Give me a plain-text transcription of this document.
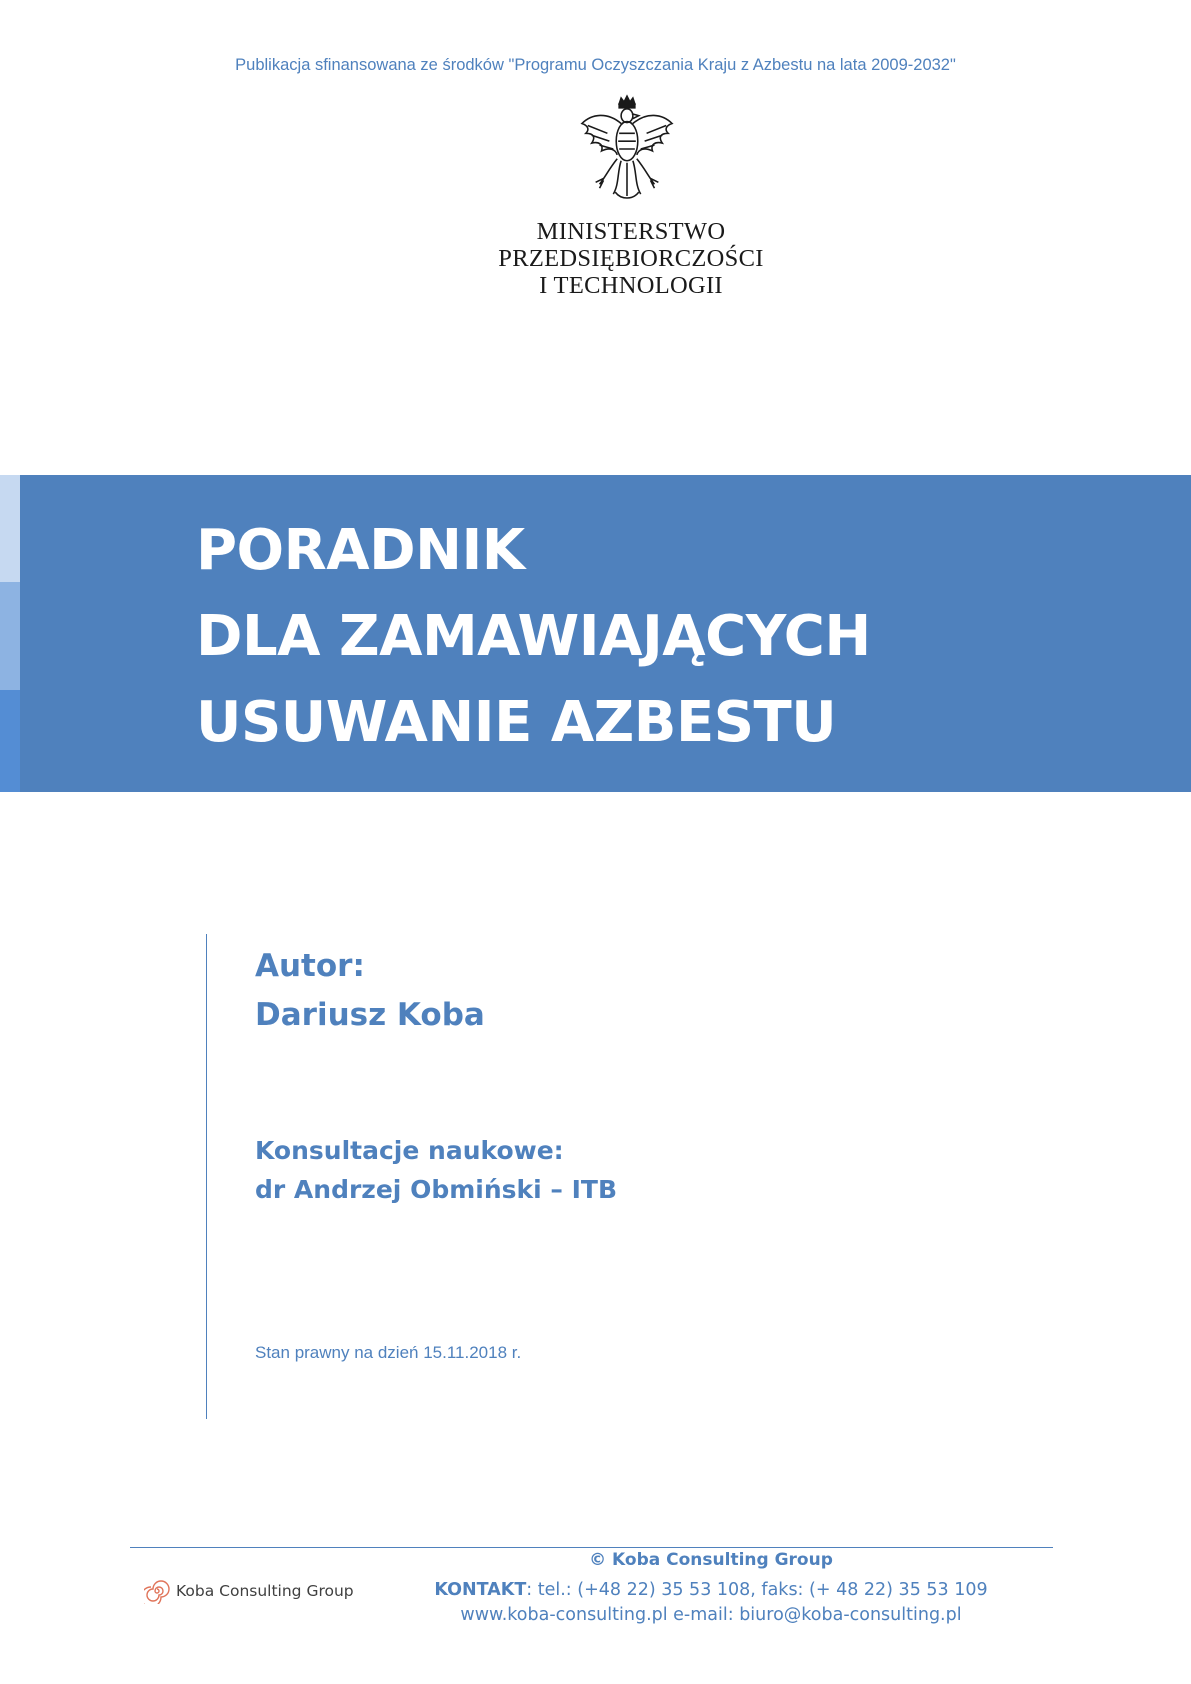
Publikacja sfinansowana ze środków "Programu Oczyszczania Kraju z Azbestu na lata 2009-2032"
MINISTERSTWO
PRZEDSIĘBIORCZOŚCI
I TECHNOLOGII
PORADNIK
DLA ZAMAWIAJĄCYCH
USUWANIE AZBESTU
Autor:
Dariusz Koba
Konsultacje naukowe:
dr Andrzej Obmiński – ITB
Stan prawny na dzień 15.11.2018 r.
© Koba Consulting Group
Koba Consulting Group	KONTAKT: tel.: (+48 22) 35 53 108, faks: (+ 48 22) 35 53 109
www.koba-consulting.pl e-mail: biuro@koba-consulting.pl
